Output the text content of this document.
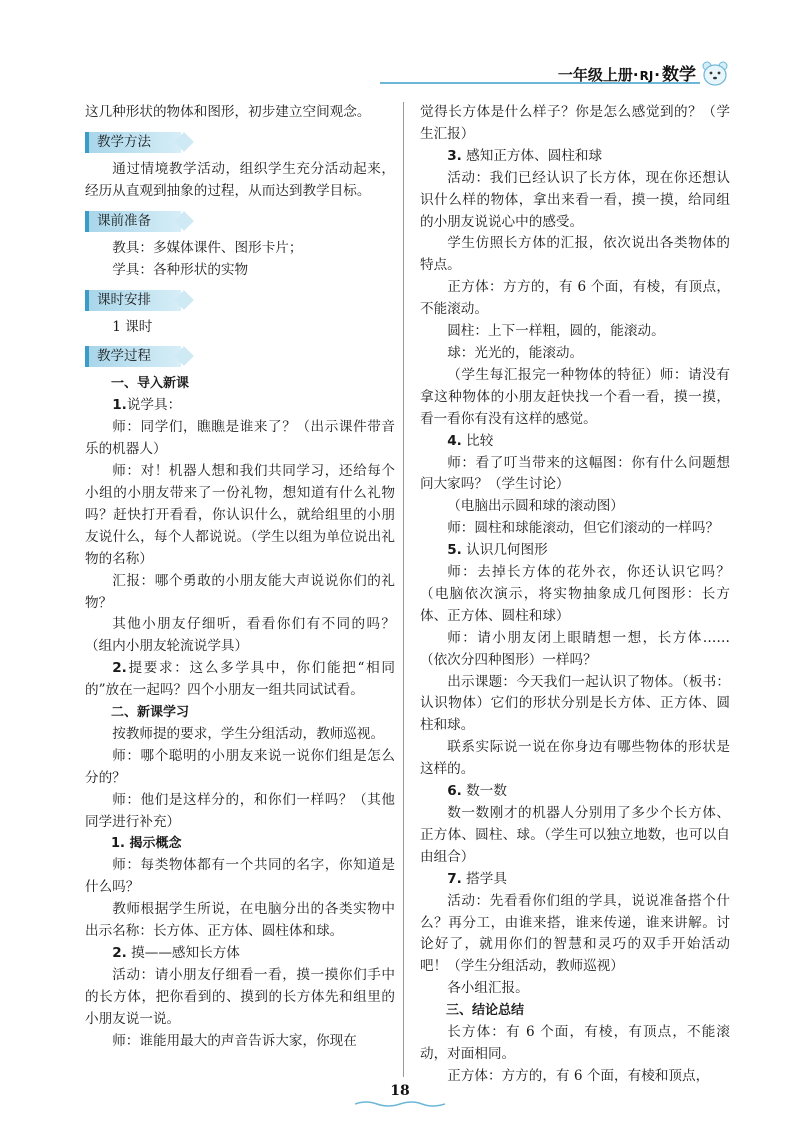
一年级上册·RJ· 数学

这几种形状的物体和图形，初步建立空间观念。

教学方法

通过情境教学活动，组织学生充分活动起来，经历从直观到抽象的过程，从而达到教学目标。

课前准备

教具：多媒体课件、图形卡片；

学具：各种形状的实物

课时安排

1 课时

教学过程

一、导入新课

1.说学具：

师：同学们，瞧瞧是谁来了？（出示课件带音乐的机器人）

师：对！机器人想和我们共同学习，还给每个小组的小朋友带来了一份礼物，想知道有什么礼物吗？赶快打开看看，你认识什么，就给组里的小朋友说什么，每个人都说说。（学生以组为单位说出礼物的名称）

汇报：哪个勇敢的小朋友能大声说说你们的礼物？

其他小朋友仔细听，看看你们有不同的吗？（组内小朋友轮流说学具）

2.提要求：这么多学具中，你们能把“相同的”放在一起吗？四个小朋友一组共同试试看。

二、新课学习

按教师提的要求，学生分组活动，教师巡视。

师：哪个聪明的小朋友来说一说你们组是怎么分的？

师：他们是这样分的，和你们一样吗？（其他同学进行补充）

1. 揭示概念

师：每类物体都有一个共同的名字，你知道是什么吗？

教师根据学生所说，在电脑分出的各类实物中出示名称：长方体、正方体、圆柱体和球。

2. 摸——感知长方体

活动：请小朋友仔细看一看，摸一摸你们手中的长方体，把你看到的、摸到的长方体先和组里的小朋友说一说。

师：谁能用最大的声音告诉大家，你现在

觉得长方体是什么样子？你是怎么感觉到的？（学生汇报）

3. 感知正方体、圆柱和球

活动：我们已经认识了长方体，现在你还想认识什么样的物体，拿出来看一看，摸一摸，给同组的小朋友说说心中的感受。

学生仿照长方体的汇报，依次说出各类物体的特点。

正方体：方方的，有 6 个面，有棱，有顶点，不能滚动。

圆柱：上下一样粗，圆的，能滚动。

球：光光的，能滚动。

（学生每汇报完一种物体的特征）师：请没有拿这种物体的小朋友赶快找一个看一看，摸一摸，看一看你有没有这样的感觉。

4. 比较

师：看了叮当带来的这幅图：你有什么问题想问大家吗？（学生讨论）

（电脑出示圆和球的滚动图）

师：圆柱和球能滚动，但它们滚动的一样吗？

5. 认识几何图形

师：去掉长方体的花外衣，你还认识它吗？（电脑依次演示，将实物抽象成几何图形：长方体、正方体、圆柱和球）

师：请小朋友闭上眼睛想一想，长方体……（依次分四种图形）一样吗？

出示课题：今天我们一起认识了物体。（板书：认识物体）它们的形状分别是长方体、正方体、圆柱和球。

联系实际说一说在你身边有哪些物体的形状是这样的。

6. 数一数

数一数刚才的机器人分别用了多少个长方体、正方体、圆柱、球。（学生可以独立地数，也可以自由组合）

7. 搭学具

活动：先看看你们组的学具，说说准备搭个什么？再分工，由谁来搭，谁来传递，谁来讲解。讨论好了，就用你们的智慧和灵巧的双手开始活动吧！（学生分组活动，教师巡视）

各小组汇报。

三、结论总结

长方体：有 6 个面，有棱，有顶点，不能滚动，对面相同。

正方体：方方的，有 6 个面，有棱和顶点，

18
